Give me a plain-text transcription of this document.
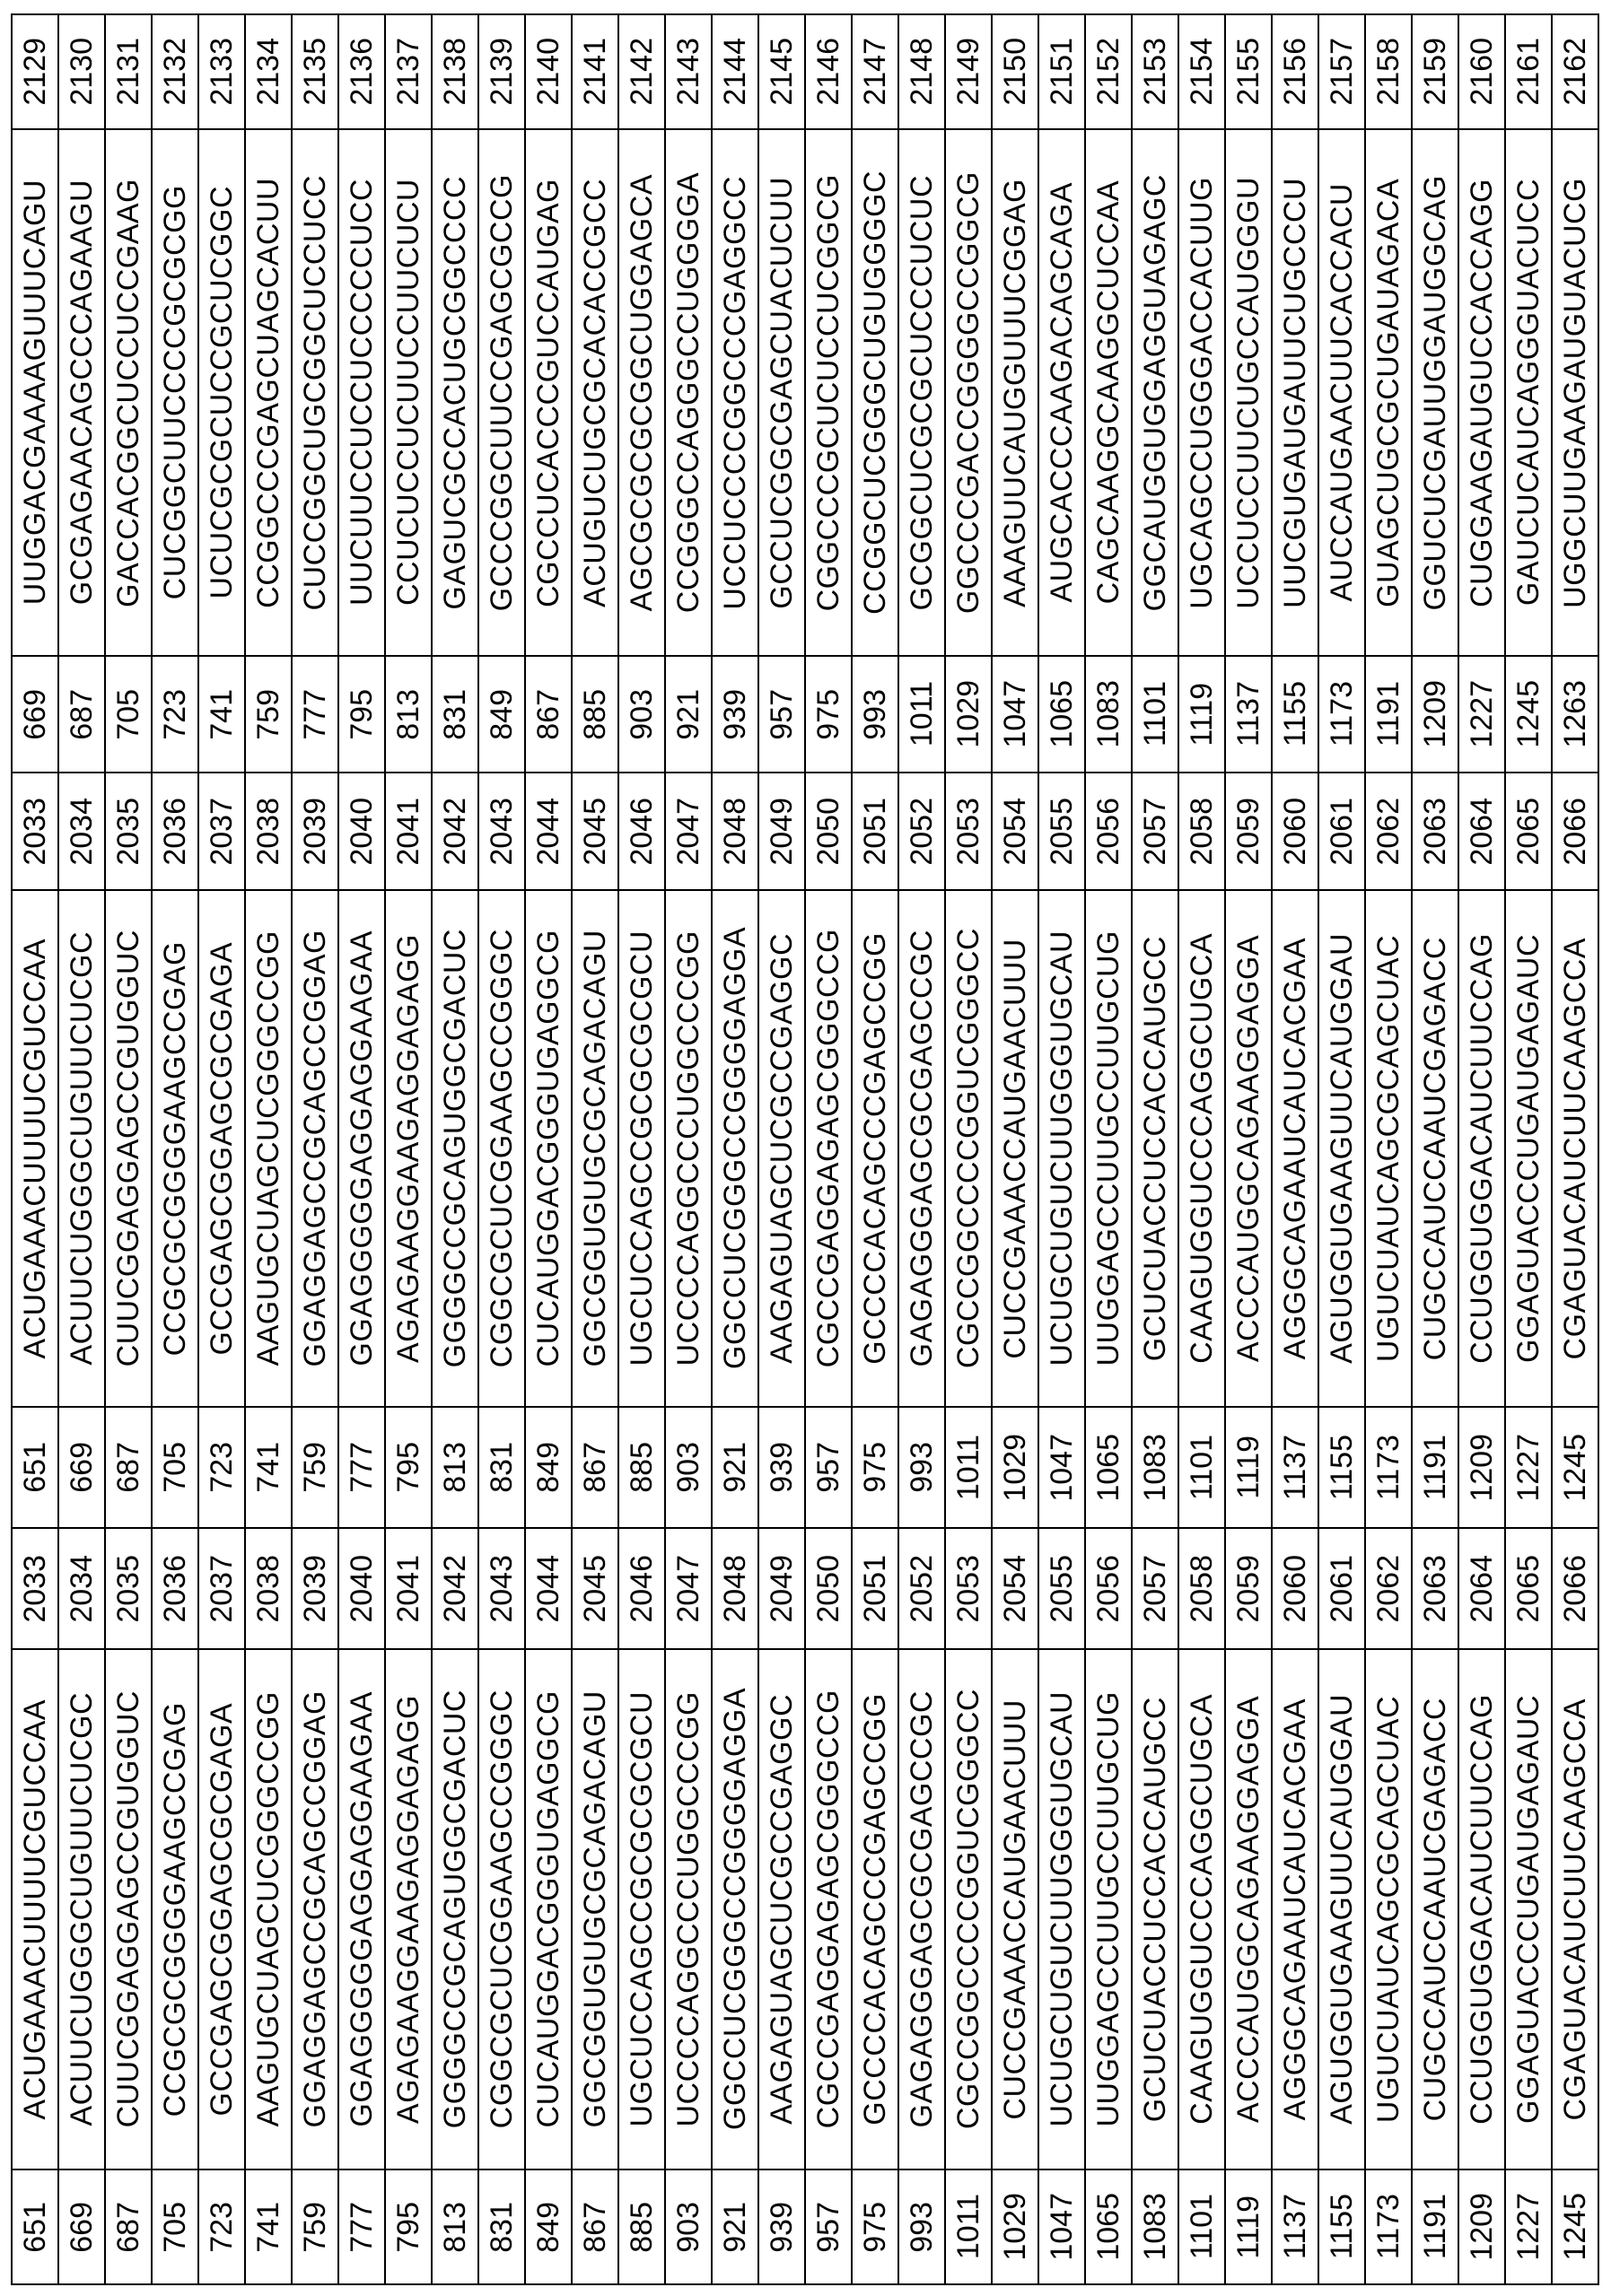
2129
UUGGACGAAAAGUUUCAGU
669
2033
ACUGAAACUUUUCGUCCAA
651
2033
ACUGAAACUUUUCGUCCAA
651
2130
GCGAGAACAGCCCAGAAGU
687
2034
ACUUCUGGGCUGUUCUCGC
669
2034
ACUUCUGGGCUGUUCUCGC
669
2131
GACCACGGCUCCUCCGAAG
705
2035
CUUCGGAGGAGCCGUGGUC
687
2035
CUUCGGAGGAGCCGUGGUC
687
2132
CUCGGCUUCCCCGCGCGG
723
2036
CCGCGCGGGGAAGCCGAG
705
2036
CCGCGCGGGGAAGCCGAG
705
2133
UCUCGCGCUCCGCUCGGC
741
2037
GCCGAGCGGAGCGCGAGA
723
2037
GCCGAGCGGAGCGCGAGA
723
2134
CCGGCCCGAGCUAGCACUU
759
2038
AAGUGCUAGCUCGGGCCGG
741
2038
AAGUGCUAGCUCGGGCCGG
741
2135
CUCCGGCUGCGGCUCCUCC
777
2039
GGAGGAGCCGCAGCCGGAG
759
2039
GGAGGAGCCGCAGCCGGAG
759
2136
UUCUUCCUCCUCCCCCUCC
795
2040
GGAGGGGGAGGAGGAAGAA
777
2040
GGAGGGGGAGGAGGAAGAA
777
2137
CCUCUCCUCUUCCUUCUCU
813
2041
AGAGAAGGAAGAGGAGAGG
795
2041
AGAGAAGGAAGAGGAGAGG
795
2138
GAGUCGCCACUGCGGCCCC
831
2042
GGGGCCGCAGUGGCGACUC
813
2042
GGGGCCGCAGUGGCGACUC
813
2139
GCCCGGCUUCCGAGCGCCG
849
2043
CGGCGCUCGGAAGCCGGGC
831
2043
CGGCGCUCGGAAGCCGGGC
831
2140
CGCCUCACCCGUCCAUGAG
867
2044
CUCAUGGACGGGUGAGGCG
849
2044
CUCAUGGACGGGUGAGGCG
849
2141
ACUGUCUGCGCACACCGCC
885
2045
GGCGGUGUGCGCAGACAGU
867
2045
GGCGGUGUGCGCAGACAGU
867
2142
AGCGCGCGCGGCUGGAGCA
903
2046
UGCUCCAGCCGCGCGCGCU
885
2046
UGCUCCAGCCGCGCGCGCU
885
2143
CCGGGCCAGGGCCUGGGGA
921
2047
UCCCCAGGCCCUGGCCCGG
903
2047
UCCCCAGGCCCUGGCCCGG
903
2144
UCCUCCCCGGCCCGAGGCC
939
2048
GGCCUCGGGCCGGGGAGGA
921
2048
GGCCUCGGGCCGGGGAGGA
921
2145
GCCUCGGCGAGCUACUCUU
957
2049
AAGAGUAGCUCGCCGAGGC
939
2049
AAGAGUAGCUCGCCGAGGC
939
2146
CGGCCCGCUCUCCUCGGCG
975
2050
CGCCGAGGAGAGCGGGCCG
957
2050
CGCCGAGGAGAGCGGGCCG
957
2147
CCGGCUCGGGCUGUGGGGC
993
2051
GCCCCACAGCCCGAGCCGG
975
2051
GCCCCACAGCCCGAGCCGG
975
2148
GCGGCUCGCGCUCCCUCUC
1011
2052
GAGAGGGAGCGCGAGCCGC
993
2052
GAGAGGGAGCGCGAGCCGC
993
2149
GGCCCGACCGGGGCCGGCG
1029
2053
CGCCGGCCCCGGUCGGGCC
1011
2053
CGCCGGCCCCGGUCGGGCC
1011
2150
AAAGUUCAUGGUUUCGGAG
1047
2054
CUCCGAAACCAUGAACUUU
1029
2054
CUCCGAAACCAUGAACUUU
1029
2151
AUGCACCCAAGACAGCAGA
1065
2055
UCUGCUGUCUUGGGUGCAU
1047
2055
UCUGCUGUCUUGGGUGCAU
1047
2152
CAGCAAGGCAAGGCUCCAA
1083
2056
UUGGAGCCUUGCCUUGCUG
1065
2056
UUGGAGCCUUGCCUUGCUG
1065
2153
GGCAUGGUGGAGGUAGAGC
1101
2057
GCUCUACCUCCACCAUGCC
1083
2057
GCUCUACCUCCACCAUGCC
1083
2154
UGCAGCCUGGGACCACUUG
1119
2058
CAAGUGGUCCCAGGCUGCA
1101
2058
CAAGUGGUCCCAGGCUGCA
1101
2155
UCCUCCUUCUGCCAUGGGU
1137
2059
ACCCAUGGCAGAAGGAGGA
1119
2059
ACCCAUGGCAGAAGGAGGA
1119
2156
UUCGUGAUGAUUCUGCCCU
1155
2060
AGGGCAGAAUCAUCACGAA
1137
2060
AGGGCAGAAUCAUCACGAA
1137
2157
AUCCAUGAACUUCACCACU
1173
2061
AGUGGUGAAGUUCAUGGAU
1155
2061
AGUGGUGAAGUUCAUGGAU
1155
2158
GUAGCUGCGCUGAUAGACA
1191
2062
UGUCUAUCAGCGCAGCUAC
1173
2062
UGUCUAUCAGCGCAGCUAC
1173
2159
GGUCUCGAUUGGAUGGCAG
1209
2063
CUGCCAUCCAAUCGAGACC
1191
2063
CUGCCAUCCAAUCGAGACC
1191
2160
CUGGAAGAUGUCCACCAGG
1227
2064
CCUGGUGGACAUCUUCCAG
1209
2064
CCUGGUGGACAUCUUCCAG
1209
2161
GAUCUCAUCAGGGUACUCC
1245
2065
GGAGUACCCUGAUGAGAUC
1227
2065
GGAGUACCCUGAUGAGAUC
1227
2162
UGGCUUGAAGAUGUACUCG
1263
2066
CGAGUACAUCUUCAAGCCA
1245
2066
CGAGUACAUCUUCAAGCCA
1245
